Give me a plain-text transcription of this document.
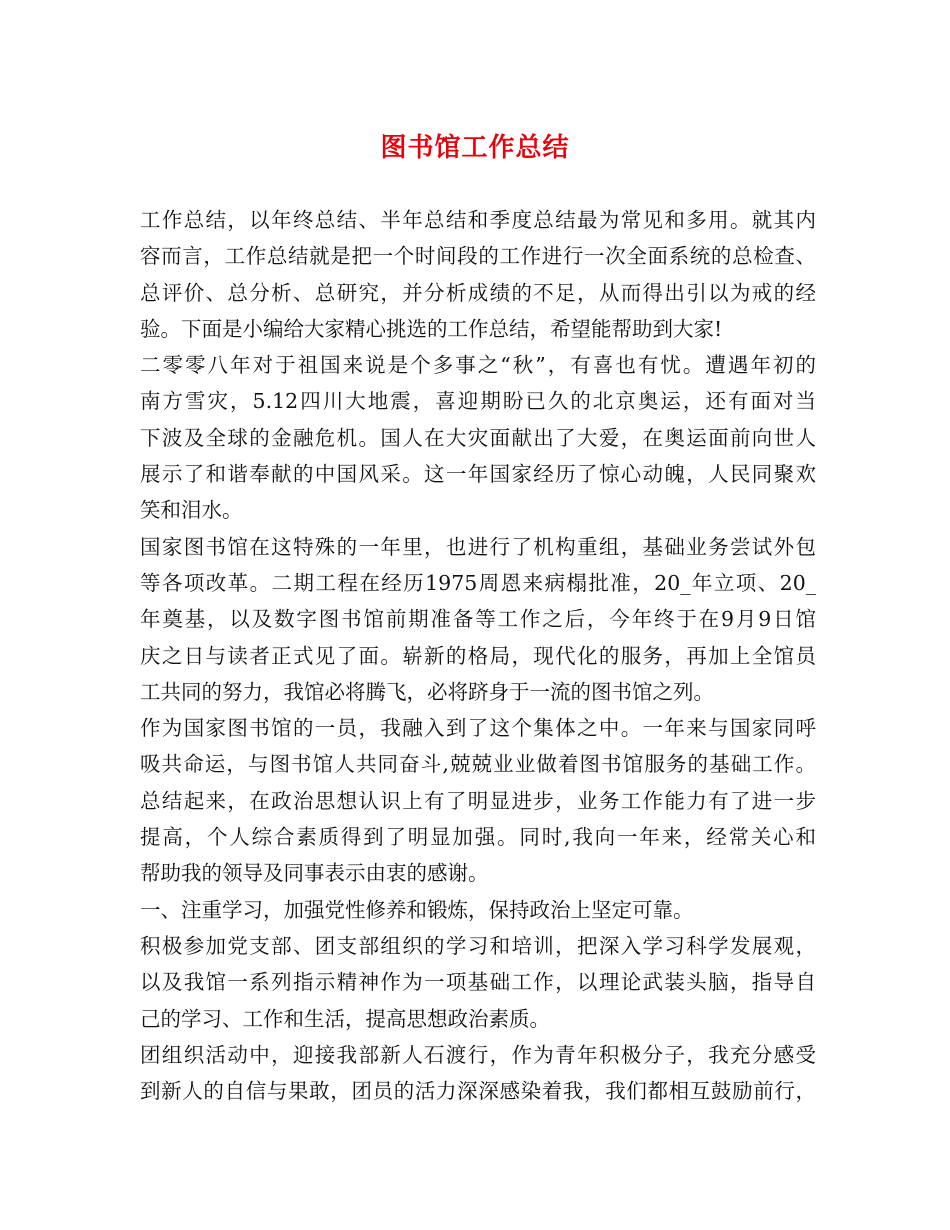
图书馆工作总结
工作总结，以年终总结、半年总结和季度总结最为常见和多用。就其内
容而言，工作总结就是把一个时间段的工作进行一次全面系统的总检查、
总评价、总分析、总研究，并分析成绩的不足，从而得出引以为戒的经
验。下面是小编给大家精心挑选的工作总结，希望能帮助到大家!
二零零八年对于祖国来说是个多事之“秋”，有喜也有忧。遭遇年初的
南方雪灾，5.12四川大地震，喜迎期盼已久的北京奥运，还有面对当
下波及全球的金融危机。国人在大灾面献出了大爱，在奥运面前向世人
展示了和谐奉献的中国风采。这一年国家经历了惊心动魄，人民同聚欢
笑和泪水。
国家图书馆在这特殊的一年里，也进行了机构重组，基础业务尝试外包
等各项改革。二期工程在经历1975周恩来病榻批准，20_年立项、20_
年奠基，以及数字图书馆前期准备等工作之后，今年终于在9月9日馆
庆之日与读者正式见了面。崭新的格局，现代化的服务，再加上全馆员
工共同的努力，我馆必将腾飞，必将跻身于一流的图书馆之列。
作为国家图书馆的一员，我融入到了这个集体之中。一年来与国家同呼
吸共命运，与图书馆人共同奋斗,兢兢业业做着图书馆服务的基础工作。
总结起来，在政治思想认识上有了明显进步，业务工作能力有了进一步
提高，个人综合素质得到了明显加强。同时,我向一年来，经常关心和
帮助我的领导及同事表示由衷的感谢。
一、注重学习，加强党性修养和锻炼，保持政治上坚定可靠。
积极参加党支部、团支部组织的学习和培训，把深入学习科学发展观，
以及我馆一系列指示精神作为一项基础工作，以理论武装头脑，指导自
己的学习、工作和生活，提高思想政治素质。
团组织活动中，迎接我部新人石渡行，作为青年积极分子，我充分感受
到新人的自信与果敢，团员的活力深深感染着我，我们都相互鼓励前行，
